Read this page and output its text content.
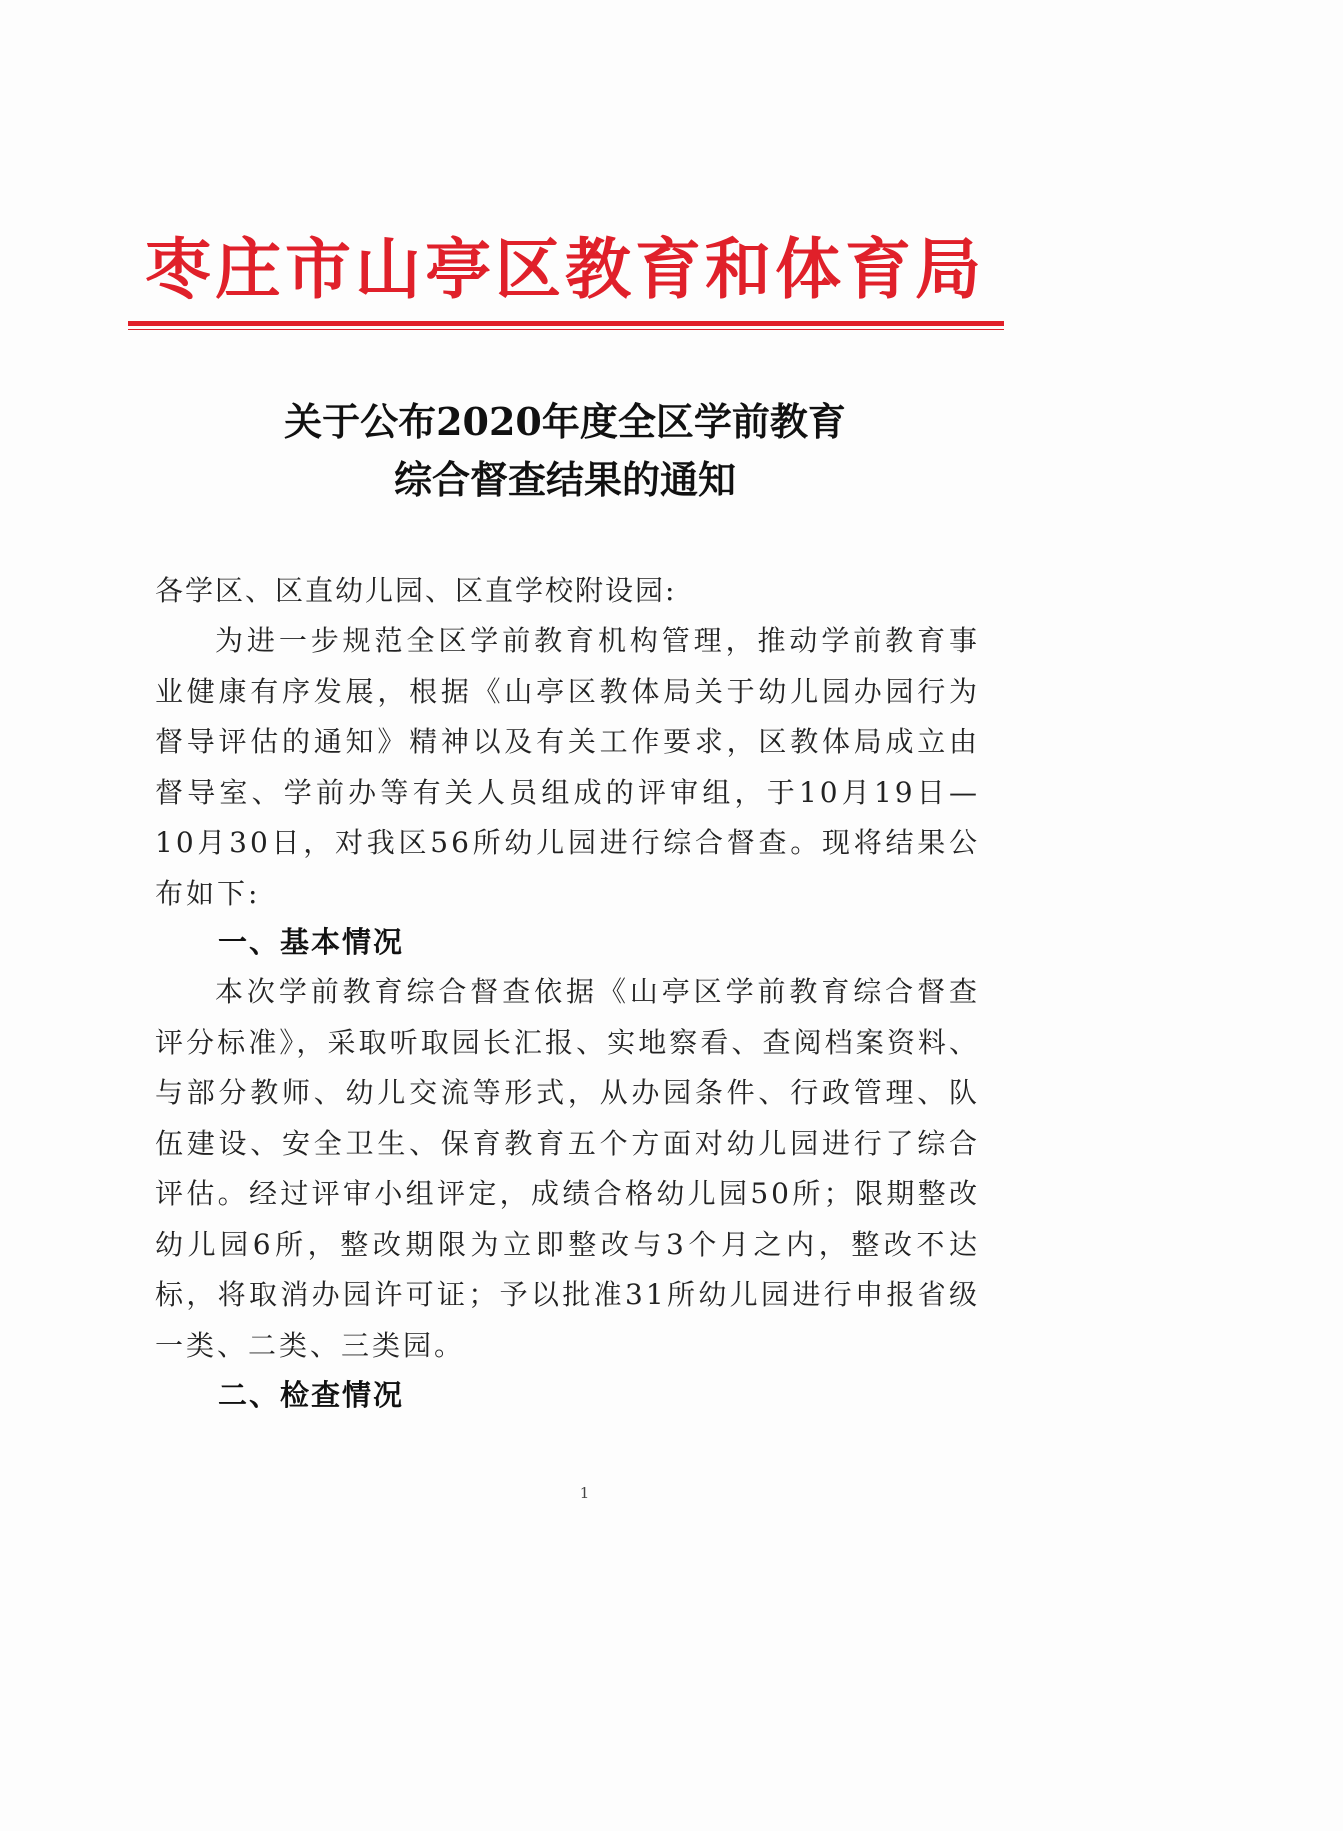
枣庄市山亭区教育和体育局
关于公布2020年度全区学前教育
综合督查结果的通知
各学区、区直幼儿园、区直学校附设园:
为进一步规范全区学前教育机构管理，推动学前教育事业健康有序发展，根据《山亭区教体局关于幼儿园办园行为督导评估的通知》精神以及有关工作要求，区教体局成立由督导室、学前办等有关人员组成的评审组，于10月19日—10月30日，对我区56所幼儿园进行综合督查。现将结果公布如下:
一、基本情况
本次学前教育综合督查依据《山亭区学前教育综合督查评分标准》，采取听取园长汇报、实地察看、查阅档案资料、与部分教师、幼儿交流等形式，从办园条件、行政管理、队伍建设、安全卫生、保育教育五个方面对幼儿园进行了综合评估。经过评审小组评定，成绩合格幼儿园50所；限期整改幼儿园6所，整改期限为立即整改与3个月之内，整改不达标，将取消办园许可证；予以批准31所幼儿园进行申报省级一类、二类、三类园。
二、检查情况
1
